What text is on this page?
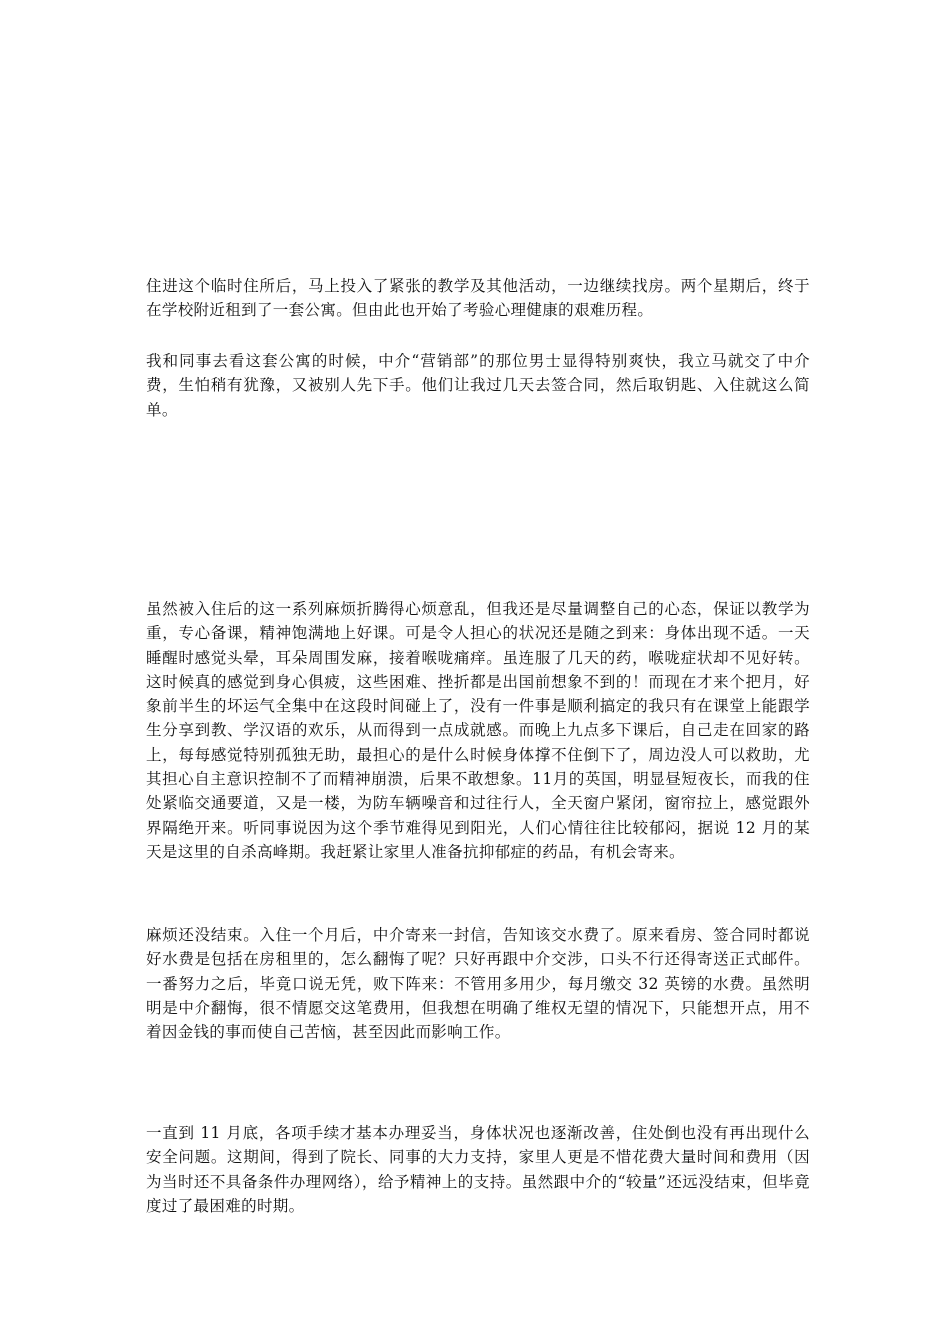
住进这个临时住所后，马上投入了紧张的教学及其他活动，一边继续找房。两个星期后，终于在学校附近租到了一套公寓。但由此也开始了考验心理健康的艰难历程。

我和同事去看这套公寓的时候，中介“营销部”的那位男士显得特别爽快，我立马就交了中介费，生怕稍有犹豫，又被别人先下手。他们让我过几天去签合同，然后取钥匙、入住就这么简单。

虽然被入住后的这一系列麻烦折腾得心烦意乱，但我还是尽量调整自己的心态，保证以教学为重，专心备课，精神饱满地上好课。可是令人担心的状况还是随之到来：身体出现不适。一天睡醒时感觉头晕，耳朵周围发麻，接着喉咙痛痒。虽连服了几天的药，喉咙症状却不见好转。这时候真的感觉到身心俱疲，这些困难、挫折都是出国前想象不到的！而现在才来个把月，好象前半生的坏运气全集中在这段时间碰上了，没有一件事是顺利搞定的我只有在课堂上能跟学生分享到教、学汉语的欢乐，从而得到一点成就感。而晚上九点多下课后，自己走在回家的路上，每每感觉特别孤独无助，最担心的是什么时候身体撑不住倒下了，周边没人可以救助，尤其担心自主意识控制不了而精神崩溃，后果不敢想象。11月的英国，明显昼短夜长，而我的住处紧临交通要道，又是一楼，为防车辆噪音和过往行人，全天窗户紧闭，窗帘拉上，感觉跟外界隔绝开来。听同事说因为这个季节难得见到阳光，人们心情往往比较郁闷，据说 12 月的某天是这里的自杀高峰期。我赶紧让家里人准备抗抑郁症的药品，有机会寄来。

麻烦还没结束。入住一个月后，中介寄来一封信，告知该交水费了。原来看房、签合同时都说好水费是包括在房租里的，怎么翻悔了呢？只好再跟中介交涉，口头不行还得寄送正式邮件。一番努力之后，毕竟口说无凭，败下阵来：不管用多用少，每月缴交 32 英镑的水费。虽然明明是中介翻悔，很不情愿交这笔费用，但我想在明确了维权无望的情况下，只能想开点，用不着因金钱的事而使自己苦恼，甚至因此而影响工作。

一直到 11 月底，各项手续才基本办理妥当，身体状况也逐渐改善，住处倒也没有再出现什么安全问题。这期间，得到了院长、同事的大力支持，家里人更是不惜花费大量时间和费用（因为当时还不具备条件办理网络），给予精神上的支持。虽然跟中介的“较量”还远没结束，但毕竟度过了最困难的时期。
